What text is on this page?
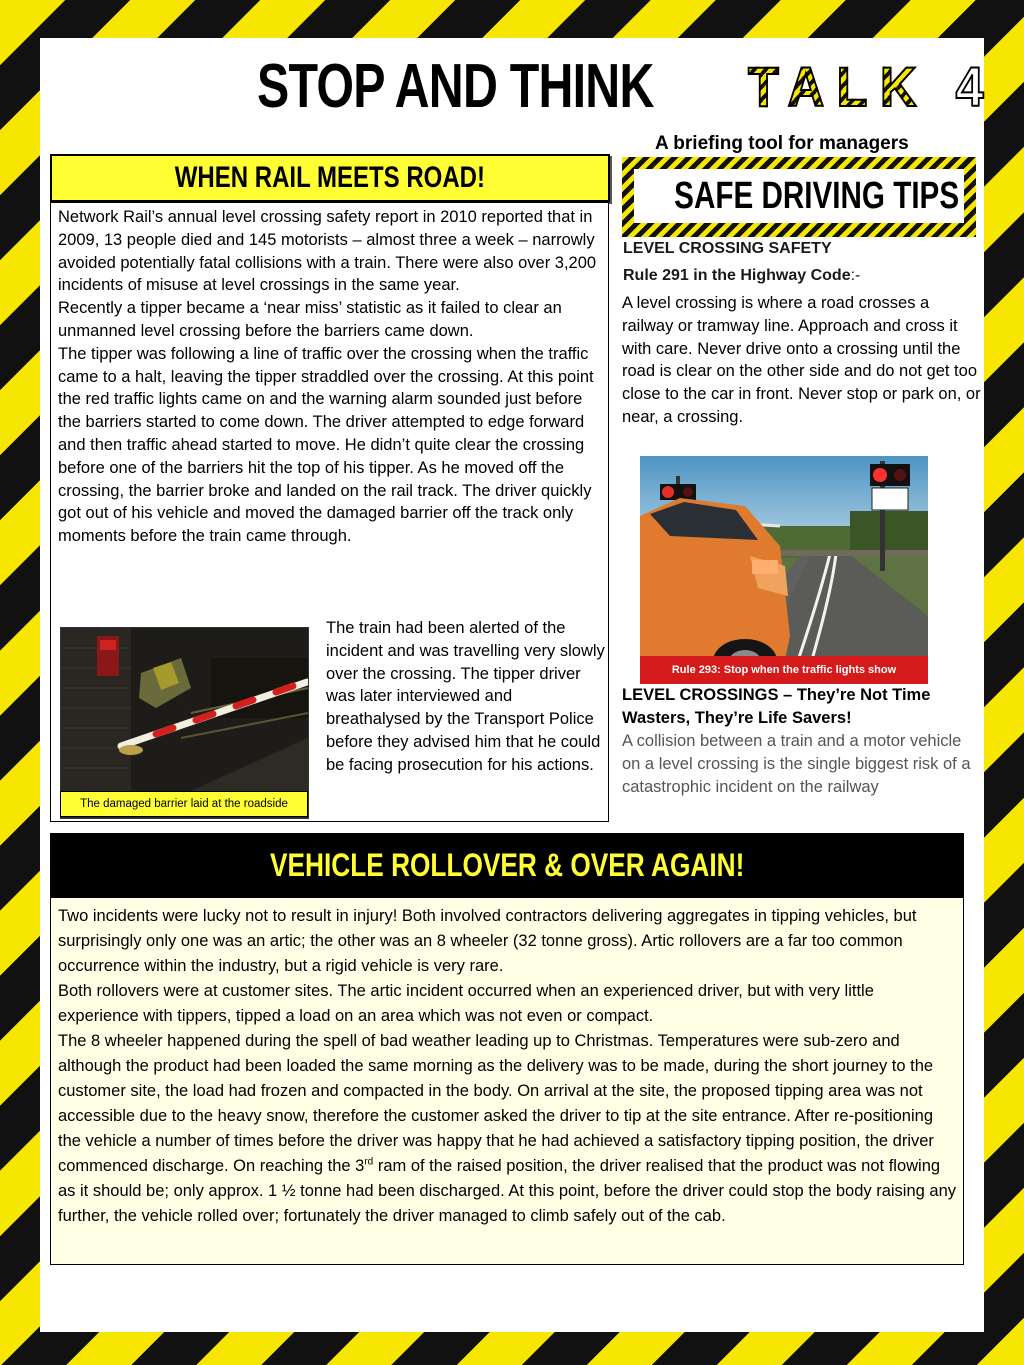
STOP AND THINK TALK 4
A briefing tool for managers
WHEN RAIL MEETS ROAD!

Network Rail’s annual level crossing safety report in 2010 reported that in 2009, 13 people died and 145 motorists – almost three a week – narrowly avoided potentially fatal collisions with a train. There were also over 3,200 incidents of misuse at level crossings in the same year.

Recently a tipper became a ‘near miss’ statistic as it failed to clear an unmanned level crossing before the barriers came down.

The tipper was following a line of traffic over the crossing when the traffic came to a halt, leaving the tipper straddled over the crossing. At this point the red traffic lights came on and the warning alarm sounded just before the barriers started to come down. The driver attempted to edge forward and then traffic ahead started to move. He didn’t quite clear the crossing before one of the barriers hit the top of his tipper. As he moved off the crossing, the barrier broke and landed on the rail track. The driver quickly got out of his vehicle and moved the damaged barrier off the track only moments before the train came through.

The damaged barrier laid at the roadside
The train had been alerted of the incident and was travelling very slowly over the crossing. The tipper driver was later interviewed and breathalysed by the Transport Police before they advised him that he could be facing prosecution for his actions.
SAFE DRIVING TIPS
LEVEL CROSSING SAFETY
Rule 291 in the Highway Code:-
A level crossing is where a road crosses a railway or tramway line. Approach and cross it with care. Never drive onto a crossing until the road is clear on the other side and do not get too close to the car in front. Never stop or park on, or near, a crossing.
Rule 293: Stop when the traffic lights show
LEVEL CROSSINGS – They’re Not Time Wasters, They’re Life Savers!
A collision between a train and a motor vehicle on a level crossing is the single biggest risk of a catastrophic incident on the railway
VEHICLE ROLLOVER & OVER AGAIN!

Two incidents were lucky not to result in injury! Both involved contractors delivering aggregates in tipping vehicles, but surprisingly only one was an artic; the other was an 8 wheeler (32 tonne gross). Artic rollovers are a far too common occurrence within the industry, but a rigid vehicle is very rare.

Both rollovers were at customer sites. The artic incident occurred when an experienced driver, but with very little experience with tippers, tipped a load on an area which was not even or compact.

The 8 wheeler happened during the spell of bad weather leading up to Christmas. Temperatures were sub-zero and although the product had been loaded the same morning as the delivery was to be made, during the short journey to the customer site, the load had frozen and compacted in the body. On arrival at the site, the proposed tipping area was not accessible due to the heavy snow, therefore the customer asked the driver to tip at the site entrance. After re-positioning the vehicle a number of times before the driver was happy that he had achieved a satisfactory tipping position, the driver commenced discharge. On reaching the 3rd ram of the raised position, the driver realised that the product was not flowing as it should be; only approx. 1 ½ tonne had been discharged. At this point, before the driver could stop the body raising any further, the vehicle rolled over; fortunately the driver managed to climb safely out of the cab.
